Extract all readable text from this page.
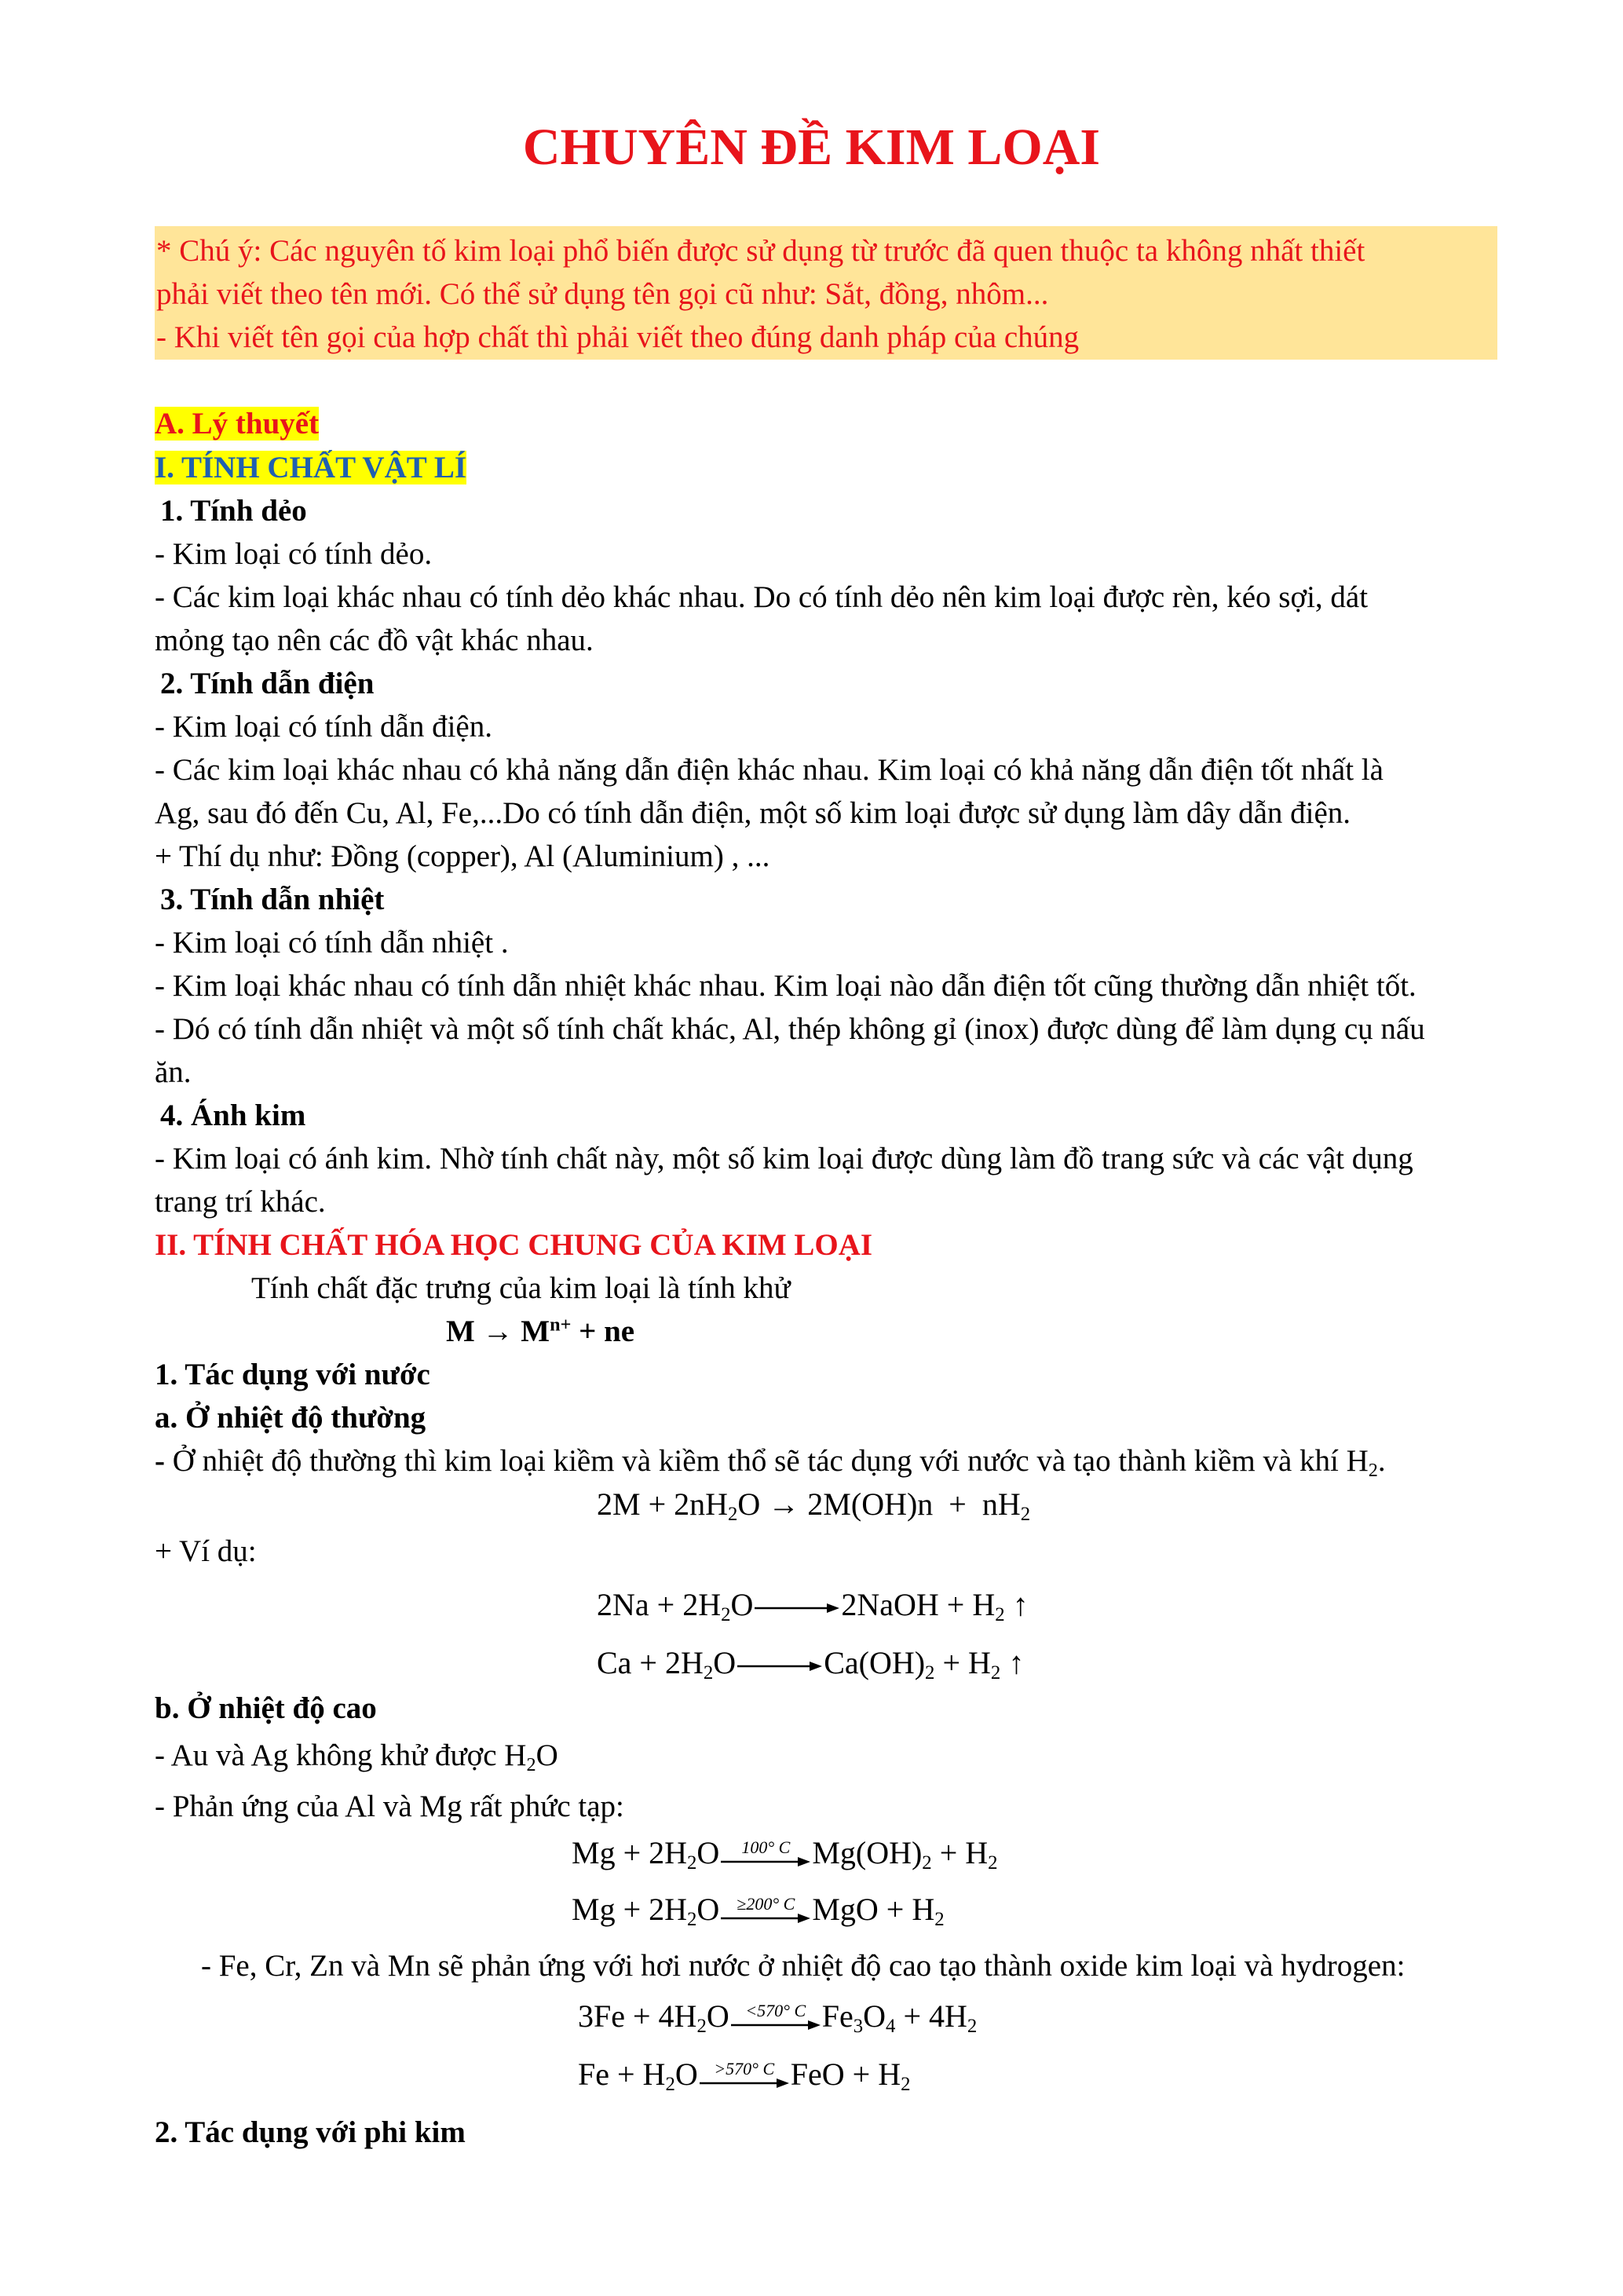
CHUYÊN ĐỀ KIM LOẠI
* Chú ý: Các nguyên tố kim loại phổ biến được sử dụng từ trước đã quen thuộc ta không nhất thiết
phải viết theo tên mới. Có thể sử dụng tên gọi cũ như: Sắt, đồng, nhôm...
- Khi viết tên gọi của hợp chất thì phải viết theo đúng danh pháp của chúng
A. Lý thuyết
I. TÍNH CHẤT VẬT LÍ
1. Tính dẻo
- Kim loại có tính dẻo.
- Các kim loại khác nhau có tính dẻo khác nhau. Do có tính dẻo nên kim loại được rèn, kéo sợi, dát
mỏng tạo nên các đồ vật khác nhau.
2. Tính dẫn điện
- Kim loại có tính dẫn điện.
- Các kim loại khác nhau có khả năng dẫn điện khác nhau. Kim loại có khả năng dẫn điện tốt nhất là
Ag, sau đó đến Cu, Al, Fe,...Do có tính dẫn điện, một số kim loại được sử dụng làm dây dẫn điện.
+ Thí dụ như: Đồng (copper), Al (Aluminium) , ...
3. Tính dẫn nhiệt
- Kim loại có tính dẫn nhiệt .
- Kim loại khác nhau có tính dẫn nhiệt khác nhau. Kim loại nào dẫn điện tốt cũng thường dẫn nhiệt tốt.
- Dó có tính dẫn nhiệt và một số tính chất khác, Al, thép không gỉ (inox) được dùng để làm dụng cụ nấu
ăn.
4. Ánh kim
- Kim loại có ánh kim. Nhờ tính chất này, một số kim loại được dùng làm đồ trang sức và các vật dụng
trang trí khác.
II. TÍNH CHẤT HÓA HỌC CHUNG CỦA KIM LOẠI
Tính chất đặc trưng của kim loại là tính khử
$M \to M^{n+}$ + ne
1. Tác dụng với nước
a. Ở nhiệt độ thường
- Ở nhiệt độ thường thì kim loại kiềm và kiềm thổ sẽ tác dụng với nước và tạo thành kiềm và khí $H_2$.
$2M + 2nH_2O \to 2M(OH)n + nH_2$
+ Ví dụ:
$2Na + 2H_2O\to 2NaOH + H_2$ ↑
$Ca + 2H_2O\to Ca(OH)_2 + H_2$ ↑
b. Ở nhiệt độ cao
- Au và Ag không khử được $H_2O$
- Phản ứng của Al và Mg rất phức tạp:
$Mg + 2H_2O$	100° C $Mg(OH)_2 + H_2$
$Mg + 2H_2O \ge 200^\circ$ C MgO + $H_2$
- Fe, Cr, Zn và Mn sẽ phản ứng với hơi nước ở nhiệt độ cao tạo thành oxide kim loại và hydrogen:
$3Fe + 4H_2O <570^\circ$ C $Fe_3O_4 + 4H_2$
$Fe + H_2O >570^\circ$ C FeO + $H_2$
2. Tác dụng với phi kim
